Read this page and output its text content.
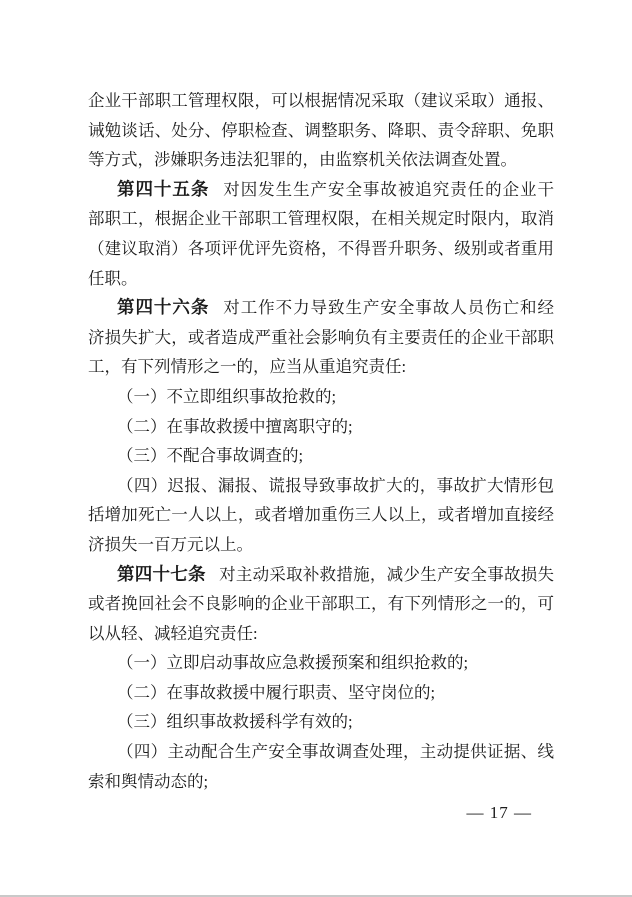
企业干部职工管理权限，可以根据情况采取（建议采取）通报、
诫勉谈话、处分、停职检查、调整职务、降职、责令辞职、免职
等方式，涉嫌职务违法犯罪的，由监察机关依法调查处置。
第四十五条 对因发生生产安全事故被追究责任的企业干
部职工，根据企业干部职工管理权限，在相关规定时限内，取消
（建议取消）各项评优评先资格，不得晋升职务、级别或者重用
任职。
第四十六条 对工作不力导致生产安全事故人员伤亡和经
济损失扩大，或者造成严重社会影响负有主要责任的企业干部职
工，有下列情形之一的，应当从重追究责任:
（一）不立即组织事故抢救的;
（二）在事故救援中擅离职守的;
（三）不配合事故调查的;
（四）迟报、漏报、谎报导致事故扩大的，事故扩大情形包
括增加死亡一人以上，或者增加重伤三人以上，或者增加直接经
济损失一百万元以上。
第四十七条 对主动采取补救措施，减少生产安全事故损失
或者挽回社会不良影响的企业干部职工，有下列情形之一的，可
以从轻、减轻追究责任:
（一）立即启动事故应急救援预案和组织抢救的;
（二）在事故救援中履行职责、坚守岗位的;
（三）组织事故救援科学有效的;
（四）主动配合生产安全事故调查处理，主动提供证据、线
索和舆情动态的;
— 17 —
